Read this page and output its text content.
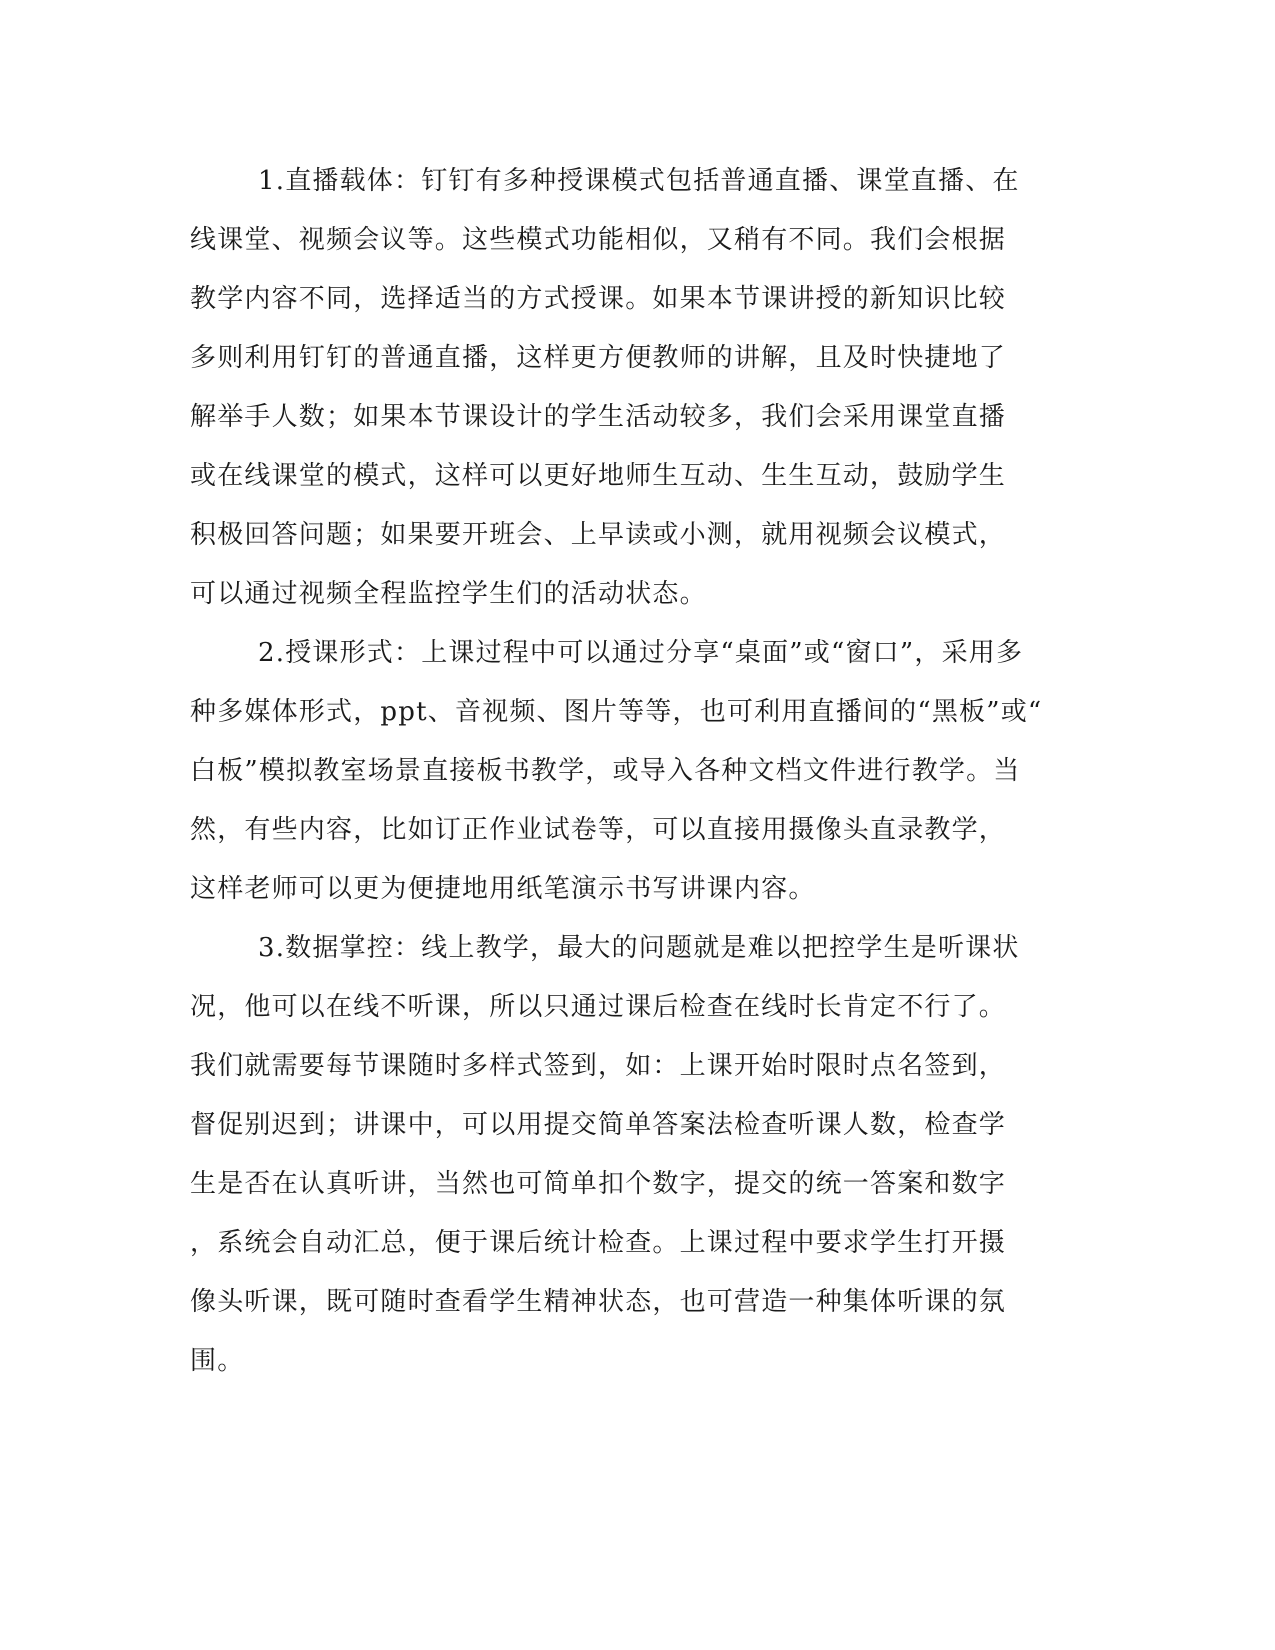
1.直播载体：钉钉有多种授课模式包括普通直播、课堂直播、在
线课堂、视频会议等。这些模式功能相似，又稍有不同。我们会根据
教学内容不同，选择适当的方式授课。如果本节课讲授的新知识比较
多则利用钉钉的普通直播，这样更方便教师的讲解，且及时快捷地了
解举手人数；如果本节课设计的学生活动较多，我们会采用课堂直播
或在线课堂的模式，这样可以更好地师生互动、生生互动，鼓励学生
积极回答问题；如果要开班会、上早读或小测，就用视频会议模式，
可以通过视频全程监控学生们的活动状态。
2.授课形式：上课过程中可以通过分享“桌面”或“窗口”，采用多
种多媒体形式，ppt、音视频、图片等等，也可利用直播间的“黑板”或“
白板”模拟教室场景直接板书教学，或导入各种文档文件进行教学。当
然，有些内容，比如订正作业试卷等，可以直接用摄像头直录教学，
这样老师可以更为便捷地用纸笔演示书写讲课内容。
3.数据掌控：线上教学，最大的问题就是难以把控学生是听课状
况，他可以在线不听课，所以只通过课后检查在线时长肯定不行了。
我们就需要每节课随时多样式签到，如：上课开始时限时点名签到，
督促别迟到；讲课中，可以用提交简单答案法检查听课人数，检查学
生是否在认真听讲，当然也可简单扣个数字，提交的统一答案和数字
，系统会自动汇总，便于课后统计检查。上课过程中要求学生打开摄
像头听课，既可随时查看学生精神状态，也可营造一种集体听课的氛
围。
